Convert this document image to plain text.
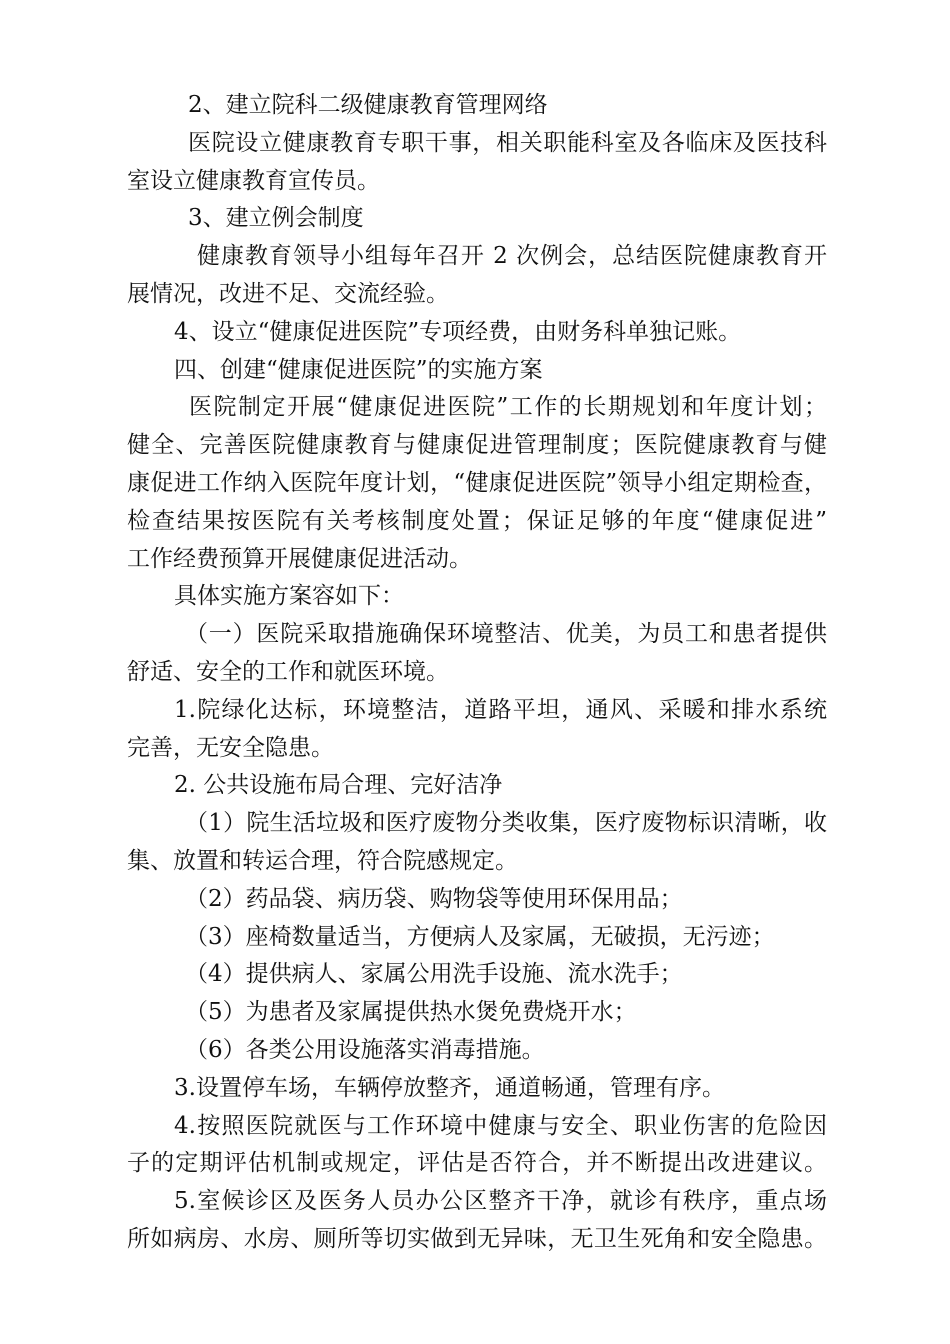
2、建立院科二级健康教育管理网络
医院设立健康教育专职干事，相关职能科室及各临床及医技科
室设立健康教育宣传员。
3、建立例会制度
健康教育领导小组每年召开 2 次例会，总结医院健康教育开
展情况，改进不足、交流经验。
4、设立“健康促进医院”专项经费，由财务科单独记账。
四、创建“健康促进医院”的实施方案
医院制定开展“健康促进医院”工作的长期规划和年度计划；
健全、完善医院健康教育与健康促进管理制度；医院健康教育与健
康促进工作纳入医院年度计划，“健康促进医院”领导小组定期检查，
检查结果按医院有关考核制度处置；保证足够的年度“健康促进”
工作经费预算开展健康促进活动。
具体实施方案容如下：
（一）医院采取措施确保环境整洁、优美，为员工和患者提供
舒适、安全的工作和就医环境。
1.院绿化达标，环境整洁，道路平坦，通风、采暖和排水系统
完善，无安全隐患。
2. 公共设施布局合理、完好洁净
（1）院生活垃圾和医疗废物分类收集，医疗废物标识清晰，收
集、放置和转运合理，符合院感规定。
（2）药品袋、病历袋、购物袋等使用环保用品；
（3）座椅数量适当，方便病人及家属，无破损，无污迹；
（4）提供病人、家属公用洗手设施、流水洗手；
（5）为患者及家属提供热水煲免费烧开水；
（6）各类公用设施落实消毒措施。
3.设置停车场，车辆停放整齐，通道畅通，管理有序。
4.按照医院就医与工作环境中健康与安全、职业伤害的危险因
子的定期评估机制或规定，评估是否符合，并不断提出改进建议。
5.室候诊区及医务人员办公区整齐干净，就诊有秩序，重点场
所如病房、水房、厕所等切实做到无异味，无卫生死角和安全隐患。
